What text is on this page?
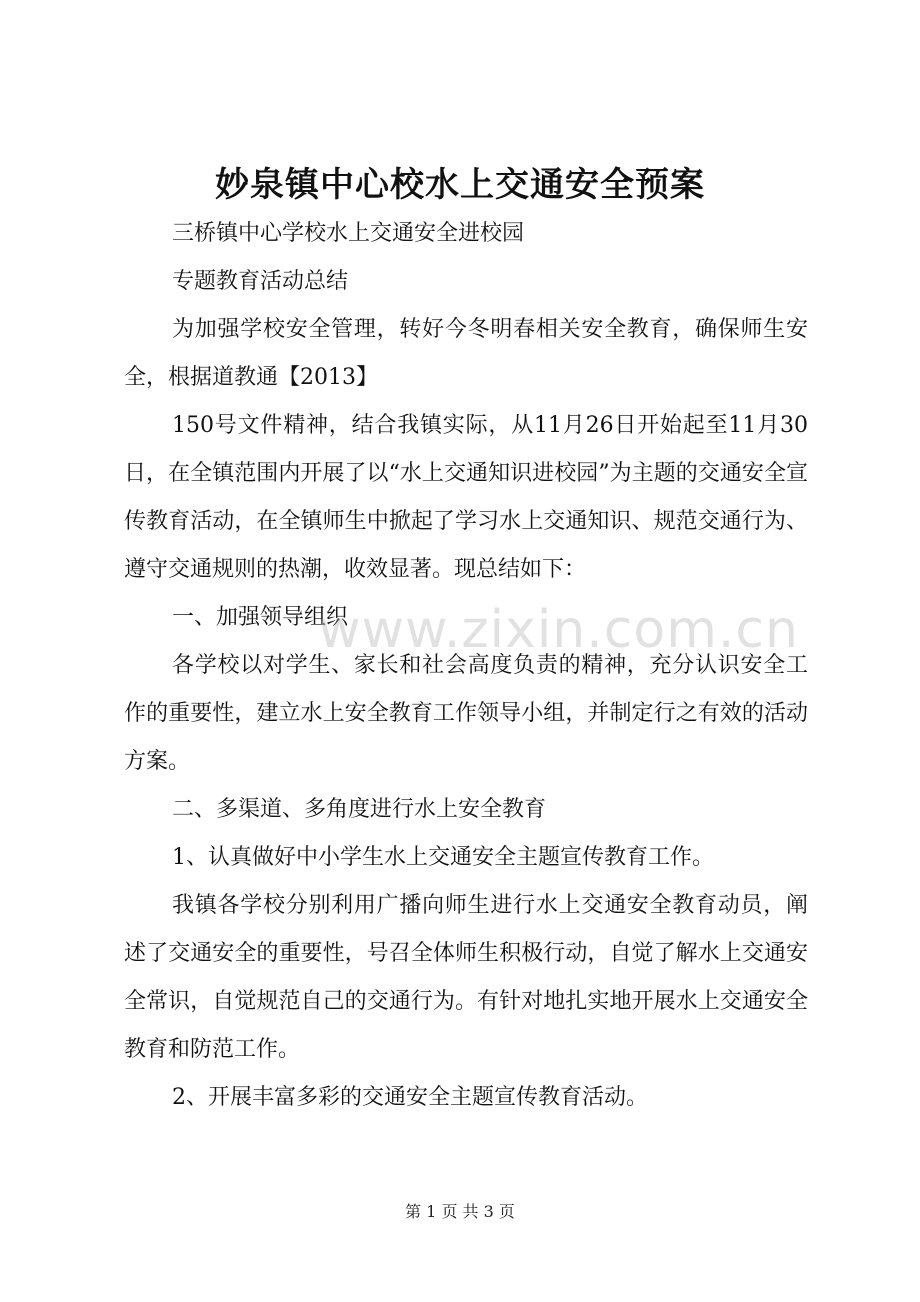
妙泉镇中心校水上交通安全预案

三桥镇中心学校水上交通安全进校园

专题教育活动总结

为加强学校安全管理，转好今冬明春相关安全教育，确保师生安全，根据道教通【2013】

150号文件精神，结合我镇实际，从11月26日开始起至11月30日，在全镇范围内开展了以“水上交通知识进校园”为主题的交通安全宣传教育活动，在全镇师生中掀起了学习水上交通知识、规范交通行为、遵守交通规则的热潮，收效显著。现总结如下：

一、加强领导组织

各学校以对学生、家长和社会高度负责的精神，充分认识安全工作的重要性，建立水上安全教育工作领导小组，并制定行之有效的活动方案。

二、多渠道、多角度进行水上安全教育

1、认真做好中小学生水上交通安全主题宣传教育工作。

我镇各学校分别利用广播向师生进行水上交通安全教育动员，阐述了交通安全的重要性，号召全体师生积极行动，自觉了解水上交通安全常识，自觉规范自己的交通行为。有针对地扎实地开展水上交通安全教育和防范工作。

2、开展丰富多彩的交通安全主题宣传教育活动。

www.zixin.com.cn
第 1 页 共 3 页
